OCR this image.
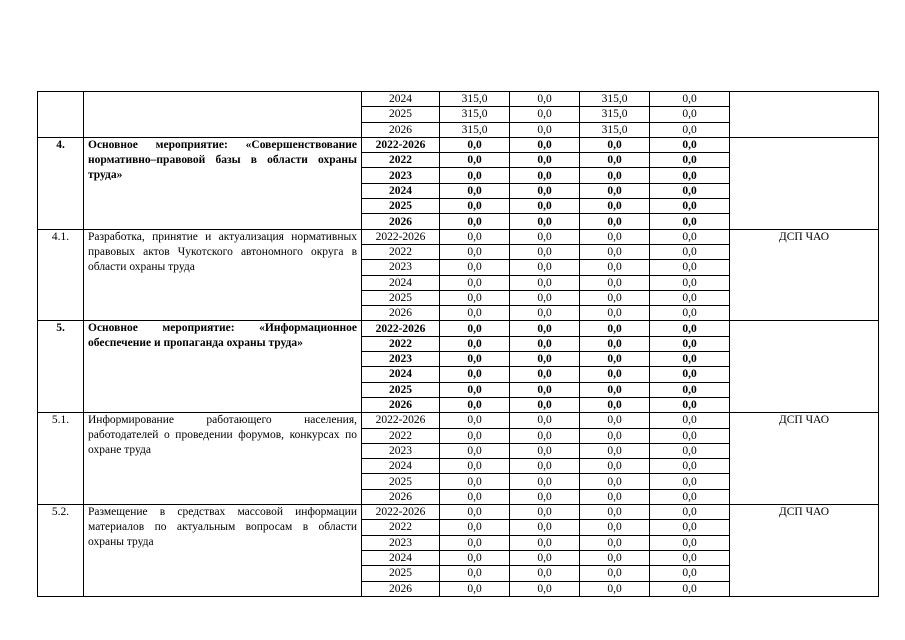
		2024	315,0	0,0	315,0	0,0	
		2025	315,0	0,0	315,0	0,0	
		2026	315,0	0,0	315,0	0,0	
4.	Основное мероприятие: «Совершенствование нормативно–правовой базы в области охраны труда»	2022-2026	0,0	0,0	0,0	0,0	
		2022	0,0	0,0	0,0	0,0	
		2023	0,0	0,0	0,0	0,0	
		2024	0,0	0,0	0,0	0,0	
		2025	0,0	0,0	0,0	0,0	
		2026	0,0	0,0	0,0	0,0	
4.1.	Разработка, принятие и актуализация нормативных правовых актов Чукотского автономного округа в области охраны труда	2022-2026	0,0	0,0	0,0	0,0	ДСП ЧАО
		2022	0,0	0,0	0,0	0,0	
		2023	0,0	0,0	0,0	0,0	
		2024	0,0	0,0	0,0	0,0	
		2025	0,0	0,0	0,0	0,0	
		2026	0,0	0,0	0,0	0,0	
5.	Основное мероприятие: «Информационное обеспечение и пропаганда охраны труда»	2022-2026	0,0	0,0	0,0	0,0	
		2022	0,0	0,0	0,0	0,0	
		2023	0,0	0,0	0,0	0,0	
		2024	0,0	0,0	0,0	0,0	
		2025	0,0	0,0	0,0	0,0	
		2026	0,0	0,0	0,0	0,0	
5.1.	Информирование работающего населения, работодателей о проведении форумов, конкурсах по охране труда	2022-2026	0,0	0,0	0,0	0,0	ДСП ЧАО
		2022	0,0	0,0	0,0	0,0	
		2023	0,0	0,0	0,0	0,0	
		2024	0,0	0,0	0,0	0,0	
		2025	0,0	0,0	0,0	0,0	
		2026	0,0	0,0	0,0	0,0	
5.2.	Размещение в средствах массовой информации материалов по актуальным вопросам в области охраны труда	2022-2026	0,0	0,0	0,0	0,0	ДСП ЧАО
		2022	0,0	0,0	0,0	0,0	
		2023	0,0	0,0	0,0	0,0	
		2024	0,0	0,0	0,0	0,0	
		2025	0,0	0,0	0,0	0,0	
		2026	0,0	0,0	0,0	0,0	
